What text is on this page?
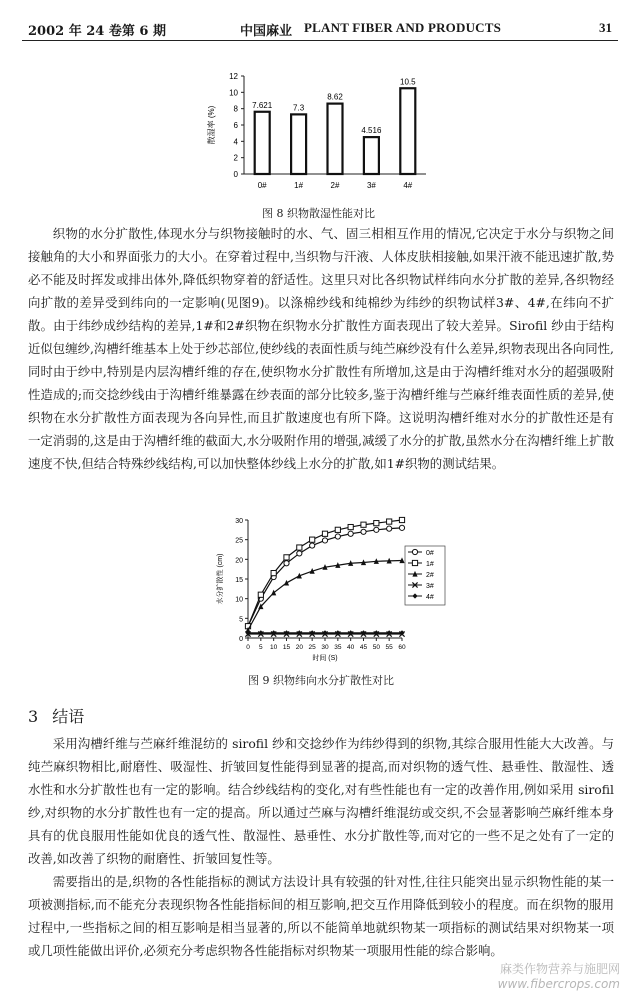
2002 年 24 卷第 6 期	中国麻业 PLANT FIBER AND PRODUCTS	31
0
2
4
6
8
10
12
散湿率 (%)
7.621
0#
7.3
1#
8.62
2#
4.516
3#
10.5
4#
图 8 织物散湿性能对比

织物的水分扩散性,体现水分与织物接触时的水、气、固三相相互作用的情况,它决定于水分与织物之间接触角的大小和界面张力的大小。在穿着过程中,当织物与汗液、人体皮肤相接触,如果汗液不能迅速扩散,势必不能及时挥发或排出体外,降低织物穿着的舒适性。这里只对比各织物试样纬向水分扩散的差异,各织物经向扩散的差异受到纬向的一定影响(见图9)。以涤棉纱线和纯棉纱为纬纱的织物试样3#、4#,在纬向不扩散。由于纬纱成纱结构的差异,1#和2#织物在织物水分扩散性方面表现出了较大差异。Sirofil 纱由于结构近似包缠纱,沟槽纤维基本上处于纱芯部位,使纱线的表面性质与纯苎麻纱没有什么差异,织物表现出各向同性,同时由于纱中,特别是内层沟槽纤维的存在,使织物水分扩散性有所增加,这是由于沟槽纤维对水分的超强吸附性造成的;而交捻纱线由于沟槽纤维暴露在纱表面的部分比较多,鉴于沟槽纤维与苎麻纤维表面性质的差异,使织物在水分扩散性方面表现为各向异性,而且扩散速度也有所下降。这说明沟槽纤维对水分的扩散性还是有一定消弱的,这是由于沟槽纤维的截面大,水分吸附作用的增强,减缓了水分的扩散,虽然水分在沟槽纤维上扩散速度不快,但结合特殊纱线结构,可以加快整体纱线上水分的扩散,如1#织物的测试结果。

0
5
10
15
20
25
30
0 5 10 15 20 25 30 35 40 45 50 55 60
时间 (S)
水分扩散性 (cm)
0#
1#
2#
3#
4#
图 9 织物纬向水分扩散性对比
3 结语

采用沟槽纤维与苎麻纤维混纺的 sirofil 纱和交捻纱作为纬纱得到的织物,其综合服用性能大大改善。与纯苎麻织物相比,耐磨性、吸湿性、折皱回复性能得到显著的提高,而对织物的透气性、悬垂性、散湿性、透水性和水分扩散性也有一定的影响。结合纱线结构的变化,对有些性能也有一定的改善作用,例如采用 sirofil 纱,对织物的水分扩散性也有一定的提高。所以通过苎麻与沟槽纤维混纺或交织,不会显著影响苎麻纤维本身具有的优良服用性能如优良的透气性、散湿性、悬垂性、水分扩散性等,而对它的一些不足之处有了一定的改善,如改善了织物的耐磨性、折皱回复性等。

需要指出的是,织物的各性能指标的测试方法设计具有较强的针对性,往往只能突出显示织物性能的某一项被测指标,而不能充分表现织物各性能指标间的相互影响,把交互作用降低到较小的程度。而在织物的服用过程中,一些指标之间的相互影响是相当显著的,所以不能简单地就织物某一项指标的测试结果对织物某一项或几项性能做出评价,必须充分考虑织物各性能指标对织物某一项服用性能的综合影响。

麻类作物营养与施肥网
www.fibercrops.com
